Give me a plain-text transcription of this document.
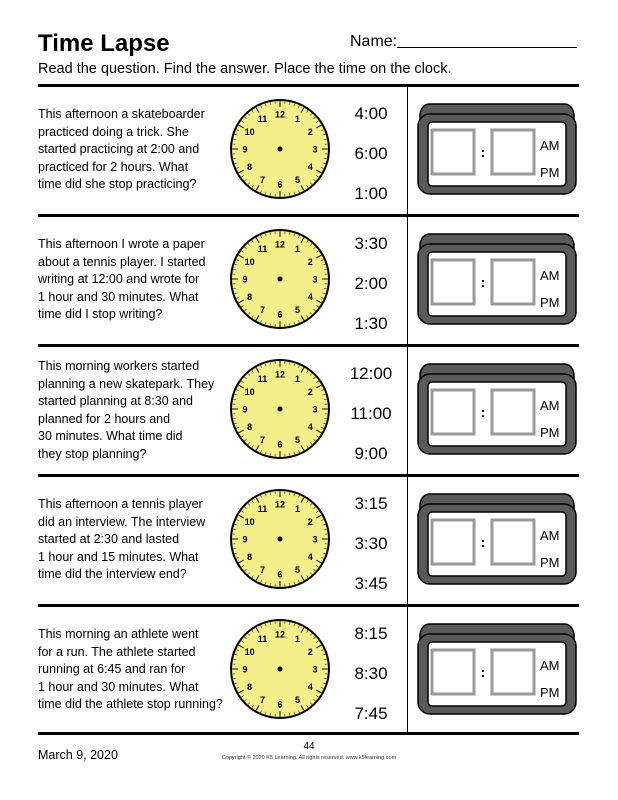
Time Lapse	Name:
Read the question. Find the answer. Place the time on the clock.
This afternoon a skateboarder
practiced doing a trick. She
started practicing at 2:00 and
practiced for 2 hours. What
time did she stop practicing?
12 1
2
3
4
5
6
7
8
9
10
11	4:00
6:00
1:00
:	AM
PM
This afternoon I wrote a paper
about a tennis player. I started
writing at 12:00 and wrote for
1 hour and 30 minutes. What
time did I stop writing?
12 1
2
3
4
5
6
7
8
9
10
11	3:30
2:00
1:30
:	AM
PM
This morning workers started
planning a new skatepark. They
started planning at 8:30 and
planned for 2 hours and
30 minutes. What time did
they stop planning?
12 1
2
3
4
5
6
7
8
9
10
11	12:00
11:00
9:00
:	AM
PM
This afternoon a tennis player
did an interview. The interview
started at 2:30 and lasted
1 hour and 15 minutes. What
time did the interview end?
12 1
2
3
4
5
6
7
8
9
10
11	3:15
3:30
3:45
:	AM
PM
This morning an athlete went
for a run. The athlete started
running at 6:45 and ran for
1 hour and 30 minutes. What
time did the athlete stop running?
12 1
2
3
4
5
6
7
8
9
10
11	8:15
8:30
7:45
:	AM
PM
March 9, 2020
44
Copyright © 2020 K5 Learning. All rights reserved. www.k5learning.com
